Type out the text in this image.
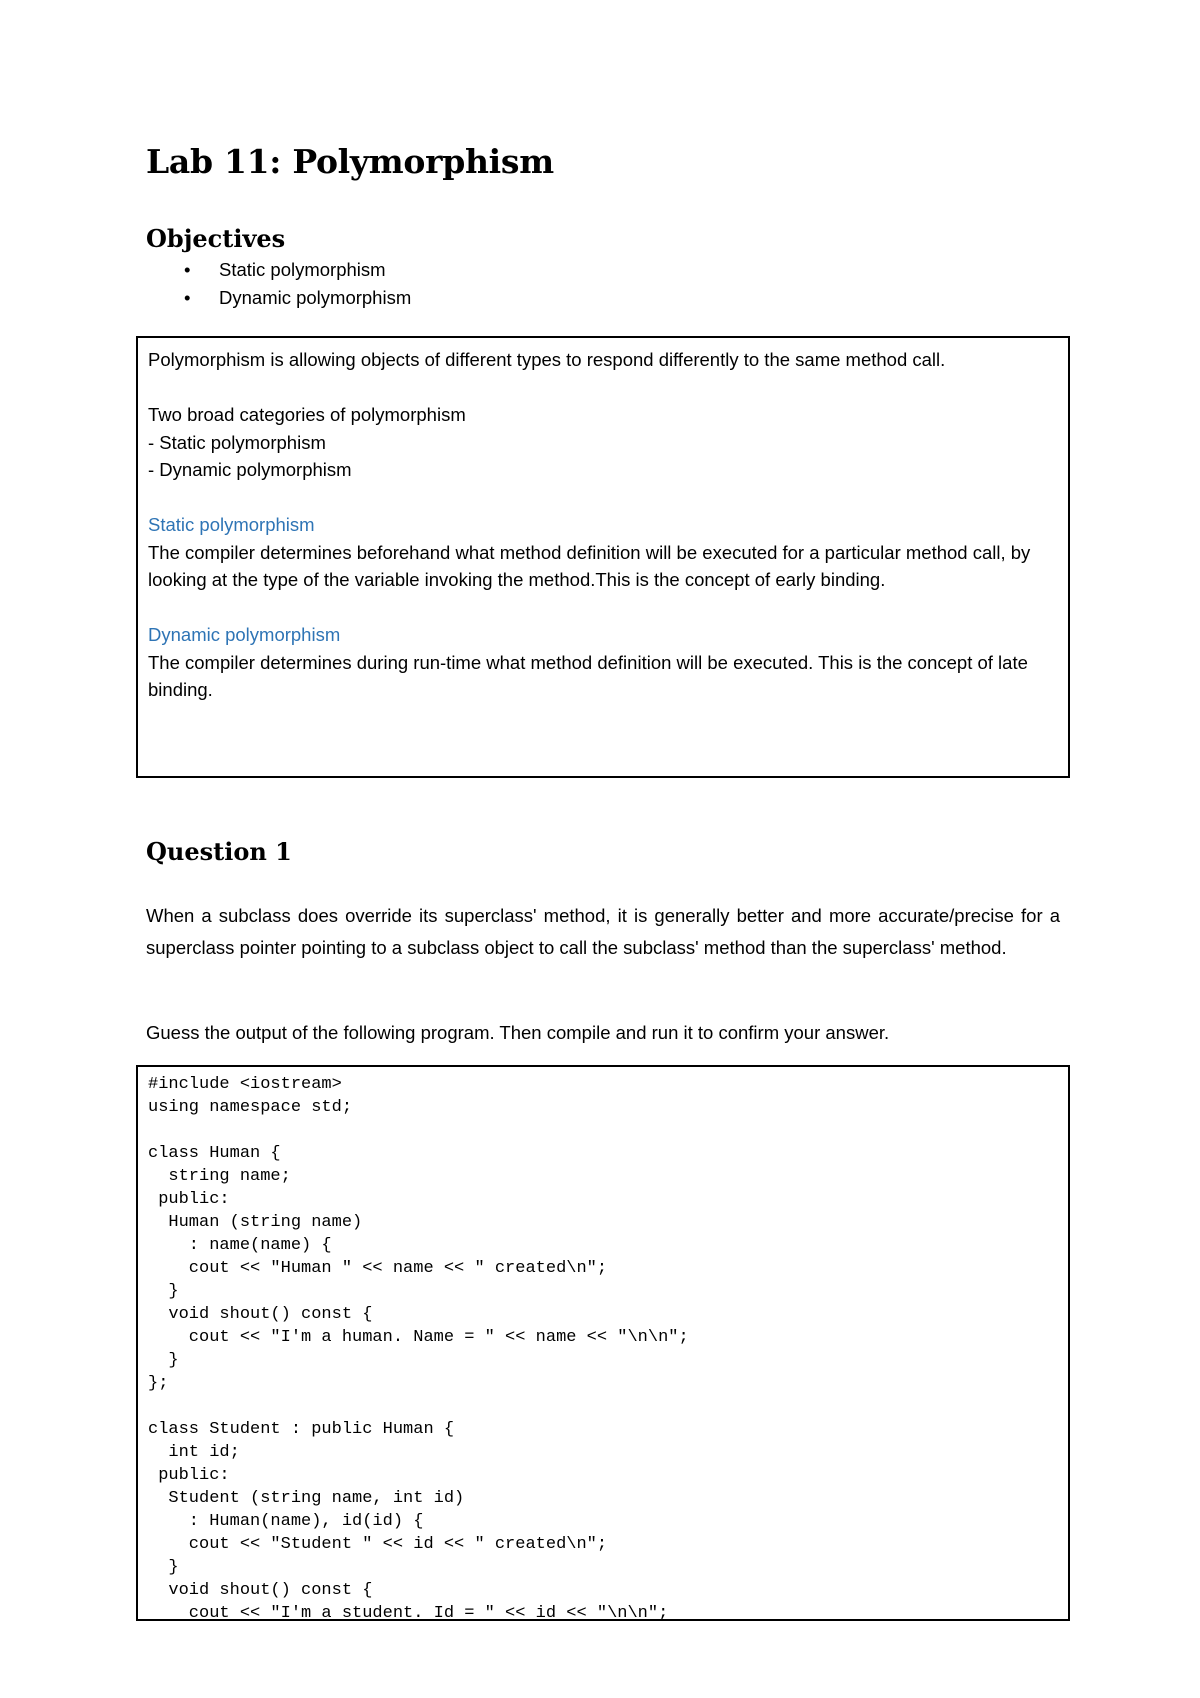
Lab 11: Polymorphism
Objectives
• Static polymorphism
• Dynamic polymorphism

Polymorphism is allowing objects of different types to respond differently to the same method call.

Two broad categories of polymorphism

- Static polymorphism

- Dynamic polymorphism

Static polymorphism

The compiler determines beforehand what method definition will be executed for a particular method call, by looking at the type of the variable invoking the method.This is the concept of early binding.

Dynamic polymorphism

The compiler determines during run-time what method definition will be executed. This is the concept of late binding.

Question 1

When a subclass does override its superclass' method, it is generally better and more accurate/precise for a superclass pointer pointing to a subclass object to call the subclass' method than the superclass' method.

Guess the output of the following program. Then compile and run it to confirm your answer.

#include <iostream>
using namespace std;
class Human {
string name;
public:
Human (string name)
: name(name) {
cout << "Human " << name << " created\n";
}
void shout() const {
cout << "I'm a human. Name = " << name << "\n\n";
}
};
class Student : public Human {
int id;
public:
Student (string name, int id)
: Human(name), id(id) {
cout << "Student " << id << " created\n";
}
void shout() const {
cout << "I'm a student. Id = " << id << "\n\n";
